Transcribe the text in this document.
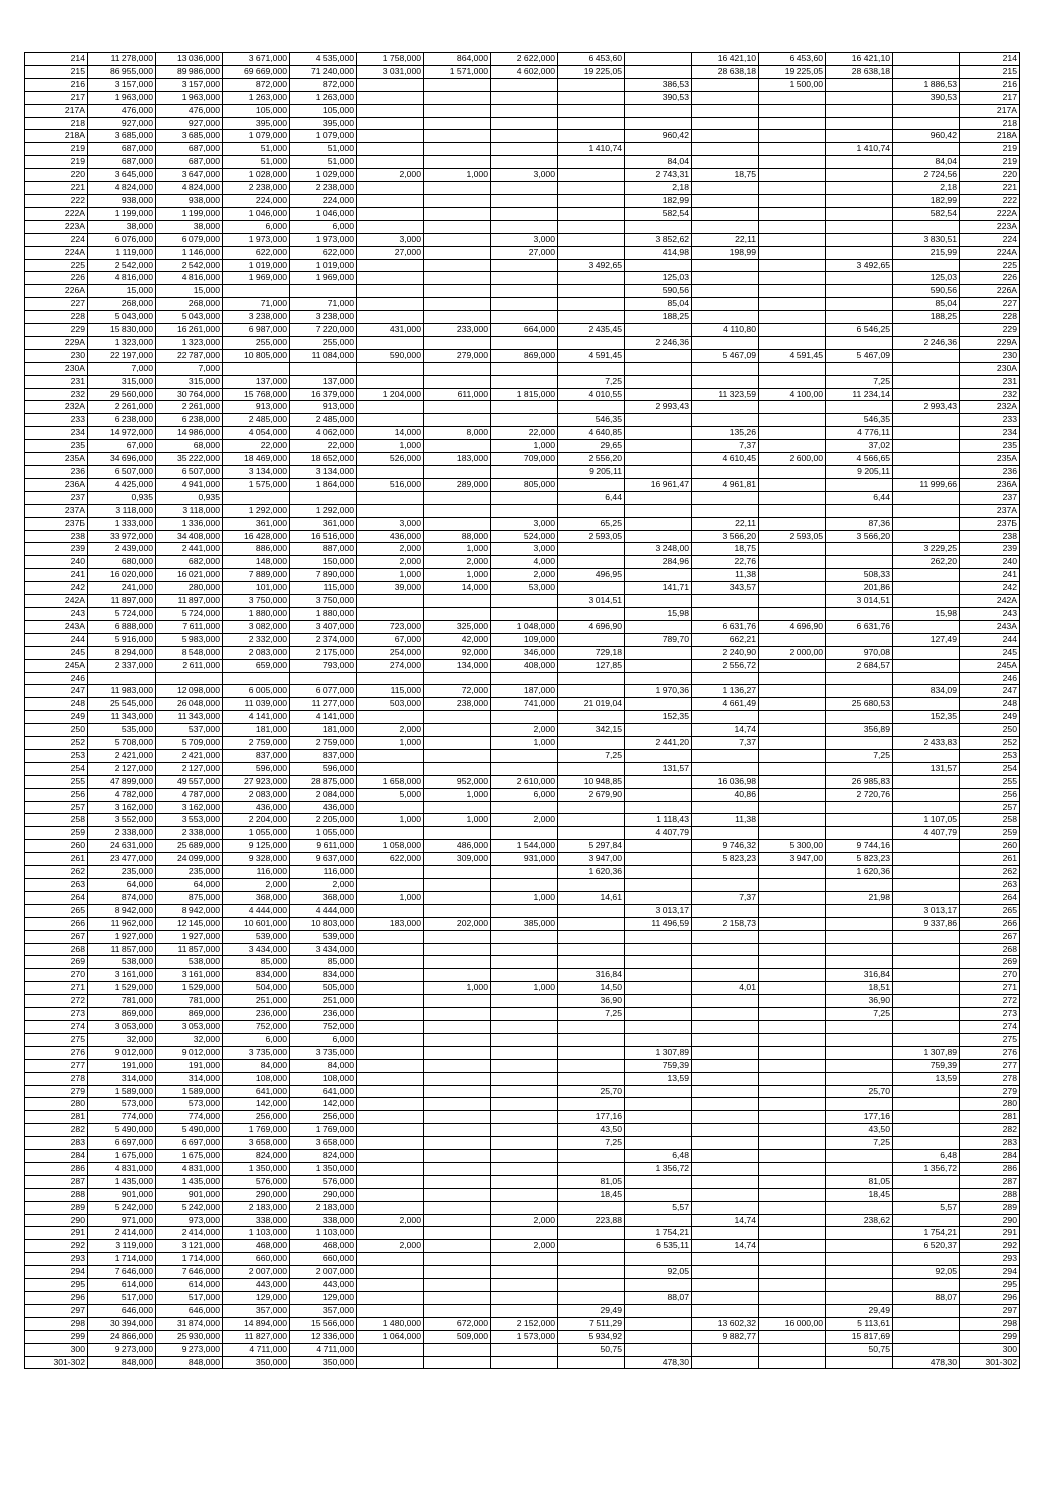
214	11 278,000	13 036,000	3 671,000	4 535,000	1 758,000	864,000	2 622,000	6 453,60		16 421,10	6 453,60	16 421,10		214
215	86 955,000	89 986,000	69 669,000	71 240,000	3 031,000	1 571,000	4 602,000	19 225,05		28 638,18	19 225,05	28 638,18		215
216	3 157,000	3 157,000	872,000	872,000					386,53		1 500,00		1 886,53	216
217	1 963,000	1 963,000	1 263,000	1 263,000					390,53				390,53	217
217A	476,000	476,000	105,000	105,000										217A
218	927,000	927,000	395,000	395,000										218
218A	3 685,000	3 685,000	1 079,000	1 079,000					960,42				960,42	218A
219	687,000	687,000	51,000	51,000				1 410,74				1 410,74		219
219	687,000	687,000	51,000	51,000					84,04				84,04	219
220	3 645,000	3 647,000	1 028,000	1 029,000	2,000	1,000	3,000		2 743,31	18,75			2 724,56	220
221	4 824,000	4 824,000	2 238,000	2 238,000					2,18				2,18	221
222	938,000	938,000	224,000	224,000					182,99				182,99	222
222A	1 199,000	1 199,000	1 046,000	1 046,000					582,54				582,54	222A
223A	38,000	38,000	6,000	6,000										223A
224	6 076,000	6 079,000	1 973,000	1 973,000	3,000		3,000		3 852,62	22,11			3 830,51	224
224A	1 119,000	1 146,000	622,000	622,000	27,000		27,000		414,98	198,99			215,99	224A
225	2 542,000	2 542,000	1 019,000	1 019,000				3 492,65				3 492,65		225
226	4 816,000	4 816,000	1 969,000	1 969,000					125,03				125,03	226
226A	15,000	15,000							590,56				590,56	226A
227	268,000	268,000	71,000	71,000					85,04				85,04	227
228	5 043,000	5 043,000	3 238,000	3 238,000					188,25				188,25	228
229	15 830,000	16 261,000	6 987,000	7 220,000	431,000	233,000	664,000	2 435,45		4 110,80		6 546,25		229
229A	1 323,000	1 323,000	255,000	255,000					2 246,36				2 246,36	229A
230	22 197,000	22 787,000	10 805,000	11 084,000	590,000	279,000	869,000	4 591,45		5 467,09	4 591,45	5 467,09		230
230A	7,000	7,000												230A
231	315,000	315,000	137,000	137,000				7,25				7,25		231
232	29 560,000	30 764,000	15 768,000	16 379,000	1 204,000	611,000	1 815,000	4 010,55		11 323,59	4 100,00	11 234,14		232
232A	2 261,000	2 261,000	913,000	913,000					2 993,43				2 993,43	232A
233	6 238,000	6 238,000	2 485,000	2 485,000				546,35				546,35		233
234	14 972,000	14 986,000	4 054,000	4 062,000	14,000	8,000	22,000	4 640,85		135,26		4 776,11		234
235	67,000	68,000	22,000	22,000	1,000		1,000	29,65		7,37		37,02		235
235A	34 696,000	35 222,000	18 469,000	18 652,000	526,000	183,000	709,000	2 556,20		4 610,45	2 600,00	4 566,65		235A
236	6 507,000	6 507,000	3 134,000	3 134,000				9 205,11				9 205,11		236
236A	4 425,000	4 941,000	1 575,000	1 864,000	516,000	289,000	805,000		16 961,47	4 961,81			11 999,66	236A
237	0,935	0,935						6,44				6,44		237
237A	3 118,000	3 118,000	1 292,000	1 292,000										237A
237Б	1 333,000	1 336,000	361,000	361,000	3,000		3,000	65,25		22,11		87,36		237Б
238	33 972,000	34 408,000	16 428,000	16 516,000	436,000	88,000	524,000	2 593,05		3 566,20	2 593,05	3 566,20		238
239	2 439,000	2 441,000	886,000	887,000	2,000	1,000	3,000		3 248,00	18,75			3 229,25	239
240	680,000	682,000	148,000	150,000	2,000	2,000	4,000		284,96	22,76			262,20	240
241	16 020,000	16 021,000	7 889,000	7 890,000	1,000	1,000	2,000	496,95		11,38		508,33		241
242	241,000	280,000	101,000	115,000	39,000	14,000	53,000		141,71	343,57		201,86		242
242A	11 897,000	11 897,000	3 750,000	3 750,000				3 014,51				3 014,51		242A
243	5 724,000	5 724,000	1 880,000	1 880,000					15,98				15,98	243
243A	6 888,000	7 611,000	3 082,000	3 407,000	723,000	325,000	1 048,000	4 696,90		6 631,76	4 696,90	6 631,76		243A
244	5 916,000	5 983,000	2 332,000	2 374,000	67,000	42,000	109,000		789,70	662,21			127,49	244
245	8 294,000	8 548,000	2 083,000	2 175,000	254,000	92,000	346,000	729,18		2 240,90	2 000,00	970,08		245
245A	2 337,000	2 611,000	659,000	793,000	274,000	134,000	408,000	127,85		2 556,72		2 684,57		245A
246														246
247	11 983,000	12 098,000	6 005,000	6 077,000	115,000	72,000	187,000		1 970,36	1 136,27			834,09	247
248	25 545,000	26 048,000	11 039,000	11 277,000	503,000	238,000	741,000	21 019,04		4 661,49		25 680,53		248
249	11 343,000	11 343,000	4 141,000	4 141,000					152,35				152,35	249
250	535,000	537,000	181,000	181,000	2,000		2,000	342,15		14,74		356,89		250
252	5 708,000	5 709,000	2 759,000	2 759,000	1,000		1,000		2 441,20	7,37			2 433,83	252
253	2 421,000	2 421,000	837,000	837,000				7,25				7,25		253
254	2 127,000	2 127,000	596,000	596,000					131,57				131,57	254
255	47 899,000	49 557,000	27 923,000	28 875,000	1 658,000	952,000	2 610,000	10 948,85		16 036,98		26 985,83		255
256	4 782,000	4 787,000	2 083,000	2 084,000	5,000	1,000	6,000	2 679,90		40,86		2 720,76		256
257	3 162,000	3 162,000	436,000	436,000										257
258	3 552,000	3 553,000	2 204,000	2 205,000	1,000	1,000	2,000		1 118,43	11,38			1 107,05	258
259	2 338,000	2 338,000	1 055,000	1 055,000					4 407,79				4 407,79	259
260	24 631,000	25 689,000	9 125,000	9 611,000	1 058,000	486,000	1 544,000	5 297,84		9 746,32	5 300,00	9 744,16		260
261	23 477,000	24 099,000	9 328,000	9 637,000	622,000	309,000	931,000	3 947,00		5 823,23	3 947,00	5 823,23		261
262	235,000	235,000	116,000	116,000				1 620,36				1 620,36		262
263	64,000	64,000	2,000	2,000										263
264	874,000	875,000	368,000	368,000	1,000		1,000	14,61		7,37		21,98		264
265	8 942,000	8 942,000	4 444,000	4 444,000					3 013,17				3 013,17	265
266	11 962,000	12 145,000	10 601,000	10 803,000	183,000	202,000	385,000		11 496,59	2 158,73			9 337,86	266
267	1 927,000	1 927,000	539,000	539,000										267
268	11 857,000	11 857,000	3 434,000	3 434,000										268
269	538,000	538,000	85,000	85,000										269
270	3 161,000	3 161,000	834,000	834,000				316,84				316,84		270
271	1 529,000	1 529,000	504,000	505,000		1,000	1,000	14,50		4,01		18,51		271
272	781,000	781,000	251,000	251,000				36,90				36,90		272
273	869,000	869,000	236,000	236,000				7,25				7,25		273
274	3 053,000	3 053,000	752,000	752,000										274
275	32,000	32,000	6,000	6,000										275
276	9 012,000	9 012,000	3 735,000	3 735,000					1 307,89				1 307,89	276
277	191,000	191,000	84,000	84,000					759,39				759,39	277
278	314,000	314,000	108,000	108,000					13,59				13,59	278
279	1 589,000	1 589,000	641,000	641,000				25,70				25,70		279
280	573,000	573,000	142,000	142,000										280
281	774,000	774,000	256,000	256,000				177,16				177,16		281
282	5 490,000	5 490,000	1 769,000	1 769,000				43,50				43,50		282
283	6 697,000	6 697,000	3 658,000	3 658,000				7,25				7,25		283
284	1 675,000	1 675,000	824,000	824,000					6,48				6,48	284
286	4 831,000	4 831,000	1 350,000	1 350,000					1 356,72				1 356,72	286
287	1 435,000	1 435,000	576,000	576,000				81,05				81,05		287
288	901,000	901,000	290,000	290,000				18,45				18,45		288
289	5 242,000	5 242,000	2 183,000	2 183,000					5,57				5,57	289
290	971,000	973,000	338,000	338,000	2,000		2,000	223,88		14,74		238,62		290
291	2 414,000	2 414,000	1 103,000	1 103,000					1 754,21				1 754,21	291
292	3 119,000	3 121,000	468,000	468,000	2,000		2,000		6 535,11	14,74			6 520,37	292
293	1 714,000	1 714,000	660,000	660,000										293
294	7 646,000	7 646,000	2 007,000	2 007,000					92,05				92,05	294
295	614,000	614,000	443,000	443,000										295
296	517,000	517,000	129,000	129,000					88,07				88,07	296
297	646,000	646,000	357,000	357,000				29,49				29,49		297
298	30 394,000	31 874,000	14 894,000	15 566,000	1 480,000	672,000	2 152,000	7 511,29		13 602,32	16 000,00	5 113,61		298
299	24 866,000	25 930,000	11 827,000	12 336,000	1 064,000	509,000	1 573,000	5 934,92		9 882,77		15 817,69		299
300	9 273,000	9 273,000	4 711,000	4 711,000				50,75				50,75		300
301-302	848,000	848,000	350,000	350,000					478,30				478,30	301-302
